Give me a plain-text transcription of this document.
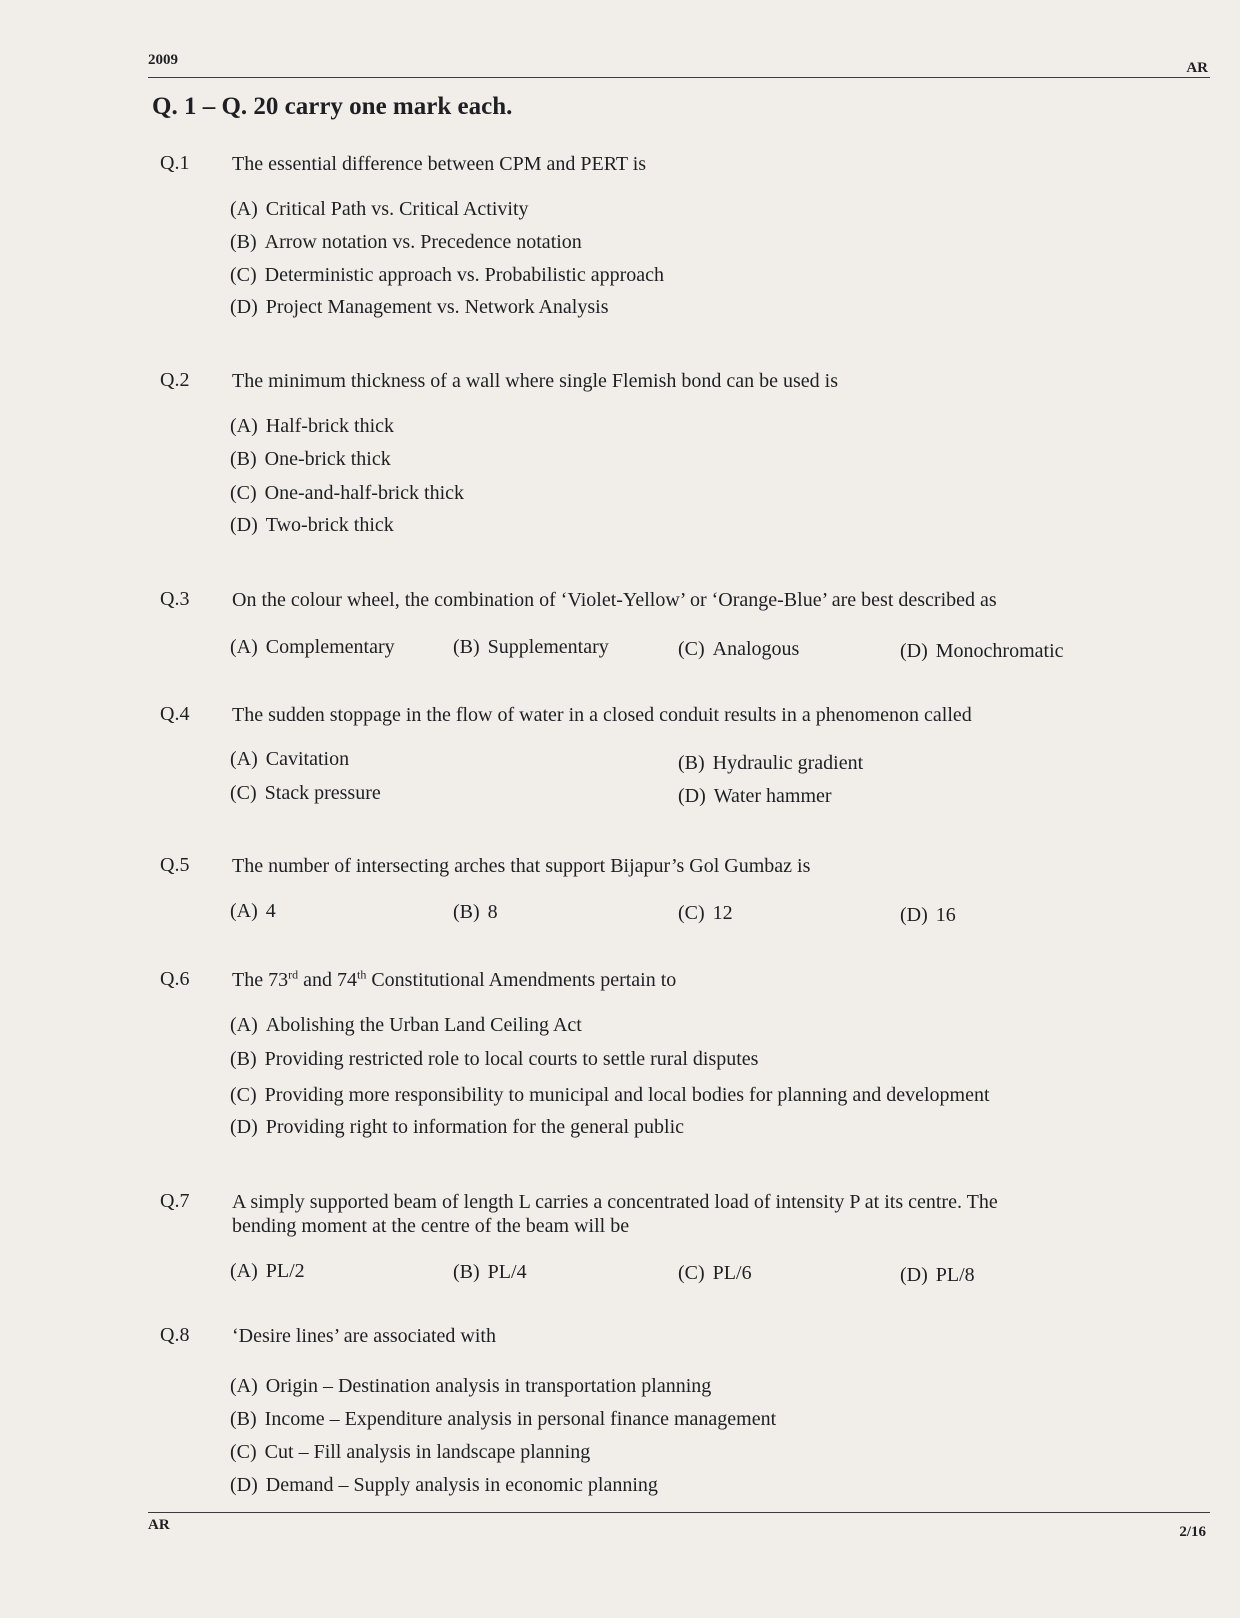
2009	AR
Q. 1 – Q. 20 carry one mark each.
Q.1 The essential difference between CPM and PERT is
(A) Critical Path vs. Critical Activity
(B) Arrow notation vs. Precedence notation
(C) Deterministic approach vs. Probabilistic approach
(D) Project Management vs. Network Analysis
Q.2 The minimum thickness of a wall where single Flemish bond can be used is
(A) Half-brick thick
(B) One-brick thick
(C) One-and-half-brick thick
(D) Two-brick thick
Q.3 On the colour wheel, the combination of ‘Violet-Yellow’ or ‘Orange-Blue’ are best described as
(A) Complementary	(B) Supplementary	(C) Analogous	(D) Monochromatic
Q.4 The sudden stoppage in the flow of water in a closed conduit results in a phenomenon called
(A) Cavitation	(B) Hydraulic gradient
(C) Stack pressure	(D) Water hammer
Q.5 The number of intersecting arches that support Bijapur’s Gol Gumbaz is
(A) 4	(B) 8	(C) 12	(D) 16
Q.6 The 73rd and 74th Constitutional Amendments pertain to
(A) Abolishing the Urban Land Ceiling Act
(B) Providing restricted role to local courts to settle rural disputes
(C) Providing more responsibility to municipal and local bodies for planning and development
(D) Providing right to information for the general public
Q.7 A simply supported beam of length L carries a concentrated load of intensity P at its centre. The
bending moment at the centre of the beam will be
(A) PL/2	(B) PL/4	(C) PL/6	(D) PL/8
Q.8 ‘Desire lines’ are associated with
(A) Origin – Destination analysis in transportation planning
(B) Income – Expenditure analysis in personal finance management
(C) Cut – Fill analysis in landscape planning
(D) Demand – Supply analysis in economic planning
AR	2/16
